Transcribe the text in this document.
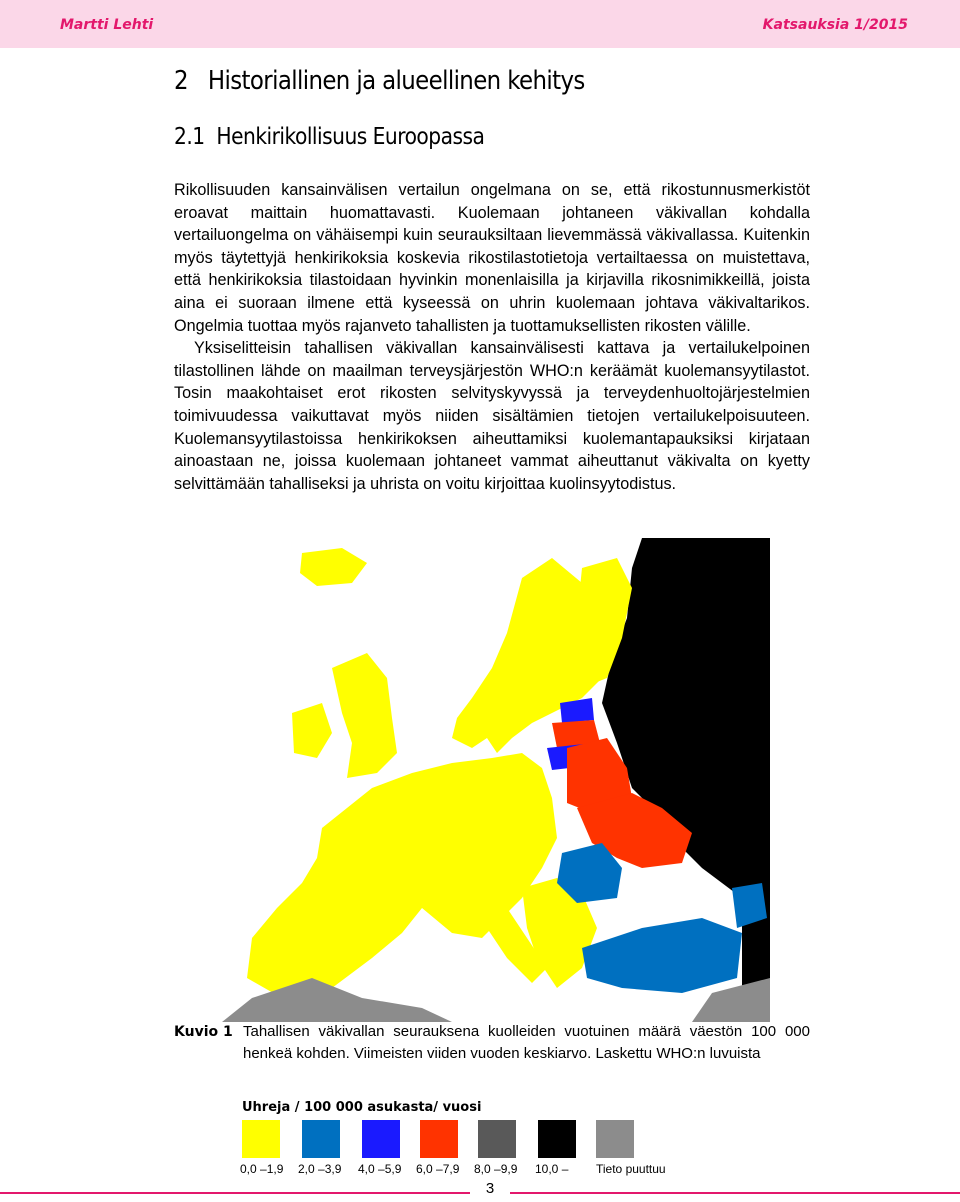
Martti Lehti	Katsauksia 1/2015
2   Historiallinen ja alueellinen kehitys
2.1  Henkirikollisuus Euroopassa

Rikollisuuden kansainvälisen vertailun ongelmana on se, että rikostunnusmerkistöt eroavat maittain huomattavasti. Kuolemaan johtaneen väkivallan kohdalla vertailuongelma on vähäisempi kuin seurauksiltaan lievemmässä väkivallassa. Kuitenkin myös täytettyjä henkirikoksia koskevia rikostilastotietoja vertailtaessa on muistettava, että henkirikoksia tilastoidaan hyvinkin monenlaisilla ja kirjavilla rikosnimikkeillä, joista aina ei suoraan ilmene että kyseessä on uhrin kuolemaan johtava väkivaltarikos. Ongelmia tuottaa myös rajanveto tahallisten ja tuottamuksellisten rikosten välille.

Yksiselitteisin tahallisen väkivallan kansainvälisesti kattava ja vertailukelpoinen tilastollinen lähde on maailman terveysjärjestön WHO:n keräämät kuolemansyytilastot. Tosin maakohtaiset erot rikosten selvityskyvyssä ja terveydenhuoltojärjestelmien toimivuudessa vaikuttavat myös niiden sisältämien tietojen vertailukelpoisuuteen. Kuolemansyytilastoissa henkirikoksen aiheuttamiksi kuolemantapauksiksi kirjataan ainoastaan ne, joissa kuolemaan johtaneet vammat aiheuttanut väkivalta on kyetty selvittämään tahalliseksi ja uhrista on voitu kirjoittaa kuolinsyytodistus.

Kuvio 1 Tahallisen väkivallan seurauksena kuolleiden vuotuinen määrä väestön 100 000 henkeä kohden. Viimeisten viiden vuoden keskiarvo. Laskettu WHO:n luvuista
Uhreja / 100 000 asukasta/ vuosi
0,0 –1,9 2,0 –3,9 4,0 –5,9 6,0 –7,9 8,0 –9,9 10,0 – Tieto puuttuu
3
